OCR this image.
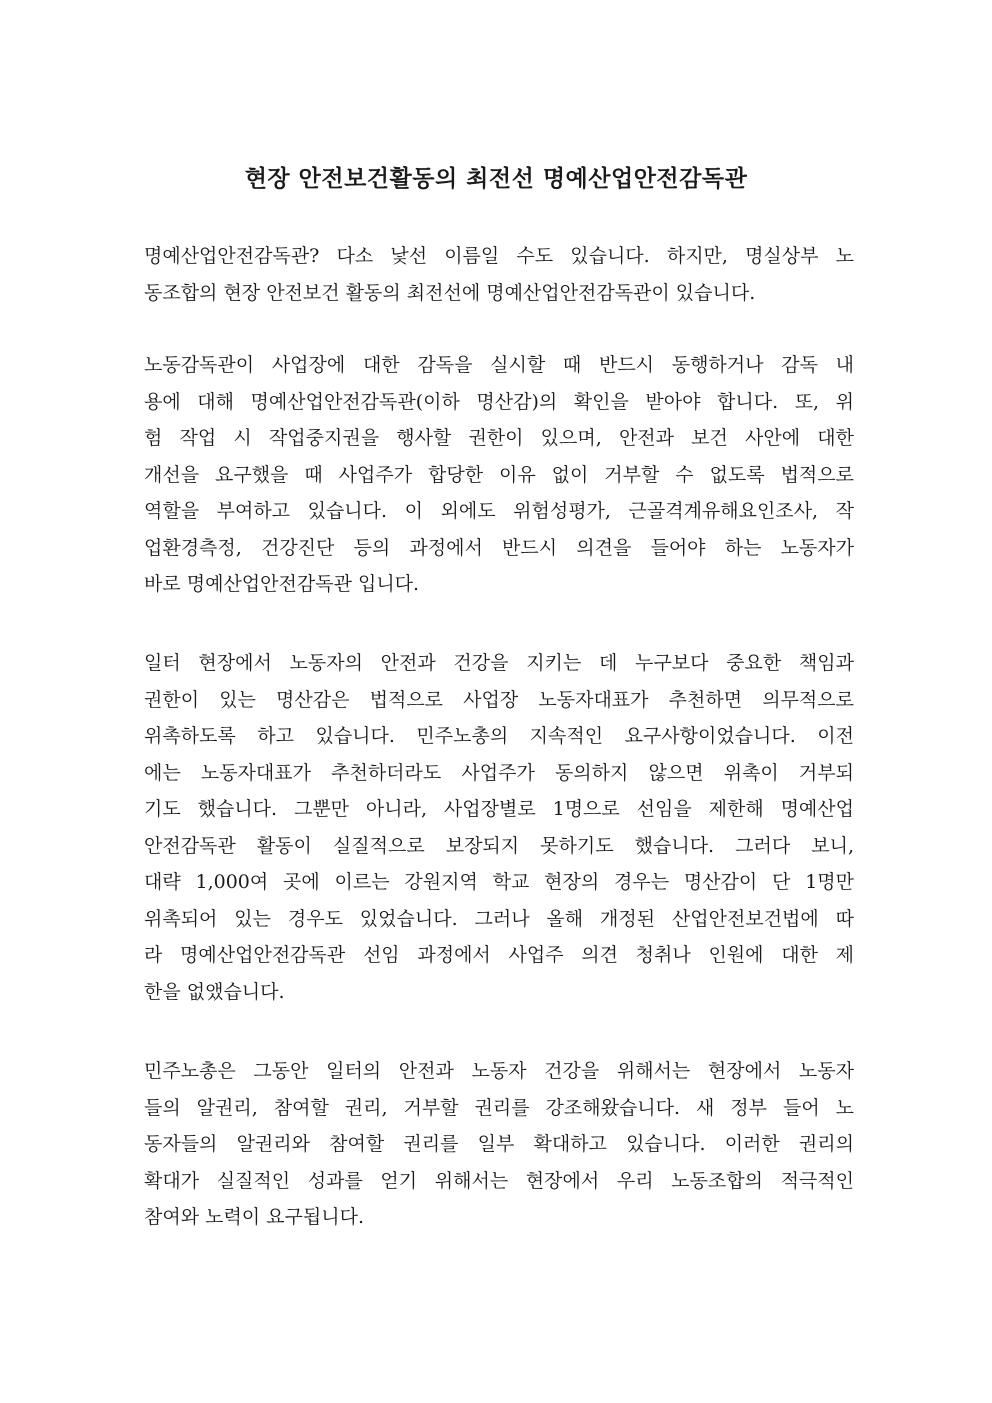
현장 안전보건활동의 최전선 명예산업안전감독관

명예산업안전감독관? 다소 낯선 이름일 수도 있습니다. 하지만, 명실상부 노
동조합의 현장 안전보건 활동의 최전선에 명예산업안전감독관이 있습니다.

노동감독관이 사업장에 대한 감독을 실시할 때 반드시 동행하거나 감독 내
용에 대해 명예산업안전감독관(이하 명산감)의 확인을 받아야 합니다. 또, 위
험 작업 시 작업중지권을 행사할 권한이 있으며, 안전과 보건 사안에 대한
개선을 요구했을 때 사업주가 합당한 이유 없이 거부할 수 없도록 법적으로
역할을 부여하고 있습니다. 이 외에도 위험성평가, 근골격계유해요인조사, 작
업환경측정, 건강진단 등의 과정에서 반드시 의견을 들어야 하는 노동자가
바로 명예산업안전감독관 입니다.

일터 현장에서 노동자의 안전과 건강을 지키는 데 누구보다 중요한 책임과
권한이 있는 명산감은 법적으로 사업장 노동자대표가 추천하면 의무적으로
위촉하도록 하고 있습니다. 민주노총의 지속적인 요구사항이었습니다. 이전
에는 노동자대표가 추천하더라도 사업주가 동의하지 않으면 위촉이 거부되
기도 했습니다. 그뿐만 아니라, 사업장별로 1명으로 선임을 제한해 명예산업
안전감독관 활동이 실질적으로 보장되지 못하기도 했습니다. 그러다 보니,
대략 1,000여 곳에 이르는 강원지역 학교 현장의 경우는 명산감이 단 1명만
위촉되어 있는 경우도 있었습니다. 그러나 올해 개정된 산업안전보건법에 따
라 명예산업안전감독관 선임 과정에서 사업주 의견 청취나 인원에 대한 제
한을 없앴습니다.

민주노총은 그동안 일터의 안전과 노동자 건강을 위해서는 현장에서 노동자
들의 알권리, 참여할 권리, 거부할 권리를 강조해왔습니다. 새 정부 들어 노
동자들의 알권리와 참여할 권리를 일부 확대하고 있습니다. 이러한 권리의
확대가 실질적인 성과를 얻기 위해서는 현장에서 우리 노동조합의 적극적인
참여와 노력이 요구됩니다.
